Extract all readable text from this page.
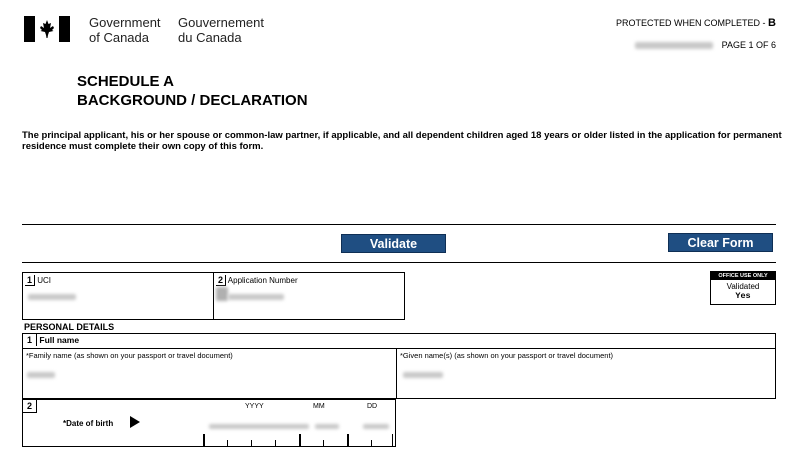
Government
of Canada
Gouvernement
du Canada
PROTECTED WHEN COMPLETED - B
PAGE 1 OF 6
SCHEDULE A
BACKGROUND / DECLARATION
The principal applicant, his or her spouse or common-law partner, if applicable, and all dependent children aged 18 years or older listed in the application for permanent residence must complete their own copy of this form.
Validate	Clear Form
1 UCI	2 Application Number	OFFICE USE ONLY
Validated
Yes
PERSONAL DETAILS
1 Full name
*Family name (as shown on your passport or travel document)	*Given name(s) (as shown on your passport or travel document)
2
*Date of birth
YYYY	MM	DD
